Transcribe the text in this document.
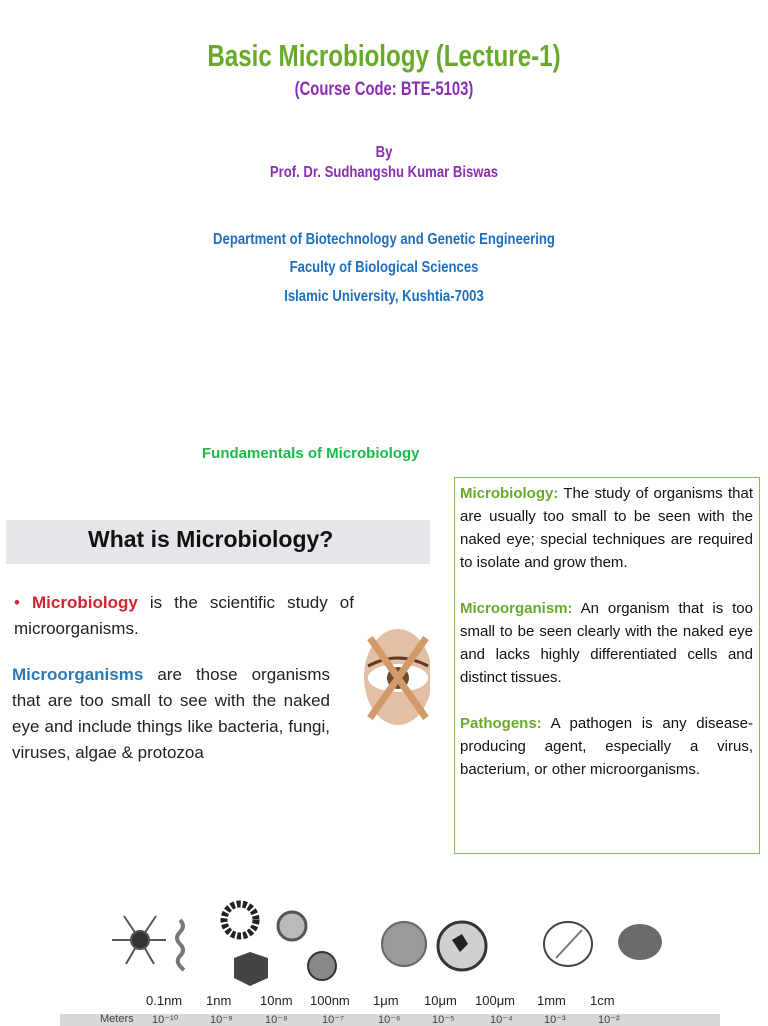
Basic Microbiology (Lecture-1)
(Course Code: BTE-5103)
By
Prof. Dr. Sudhangshu Kumar Biswas
Department of Biotechnology and Genetic Engineering
Faculty of Biological Sciences
Islamic University, Kushtia-7003
Fundamentals of Microbiology
What is Microbiology?
• Microbiology is the scientific study of microorganisms.
Microorganisms are those organisms that are too small to see with the naked eye and include things like bacteria, fungi, viruses, algae & protozoa

Microbiology: The study of organisms that are usually too small to be seen with the naked eye; special techniques are required to isolate and grow them.

Microorganism: An organism that is too small to be seen clearly with the naked eye and lacks highly differentiated cells and distinct tissues.

Pathogens: A pathogen is any disease-producing agent, especially a virus, bacterium, or other microorganisms.

0.1nm 1nm 10nm 100nm 1μm 10μm 100μm 1mm 1cm
Meters 10⁻¹⁰	10⁻⁹	10⁻⁸	10⁻⁷	10⁻⁶	10⁻⁵	10⁻⁴	10⁻³	10⁻²
